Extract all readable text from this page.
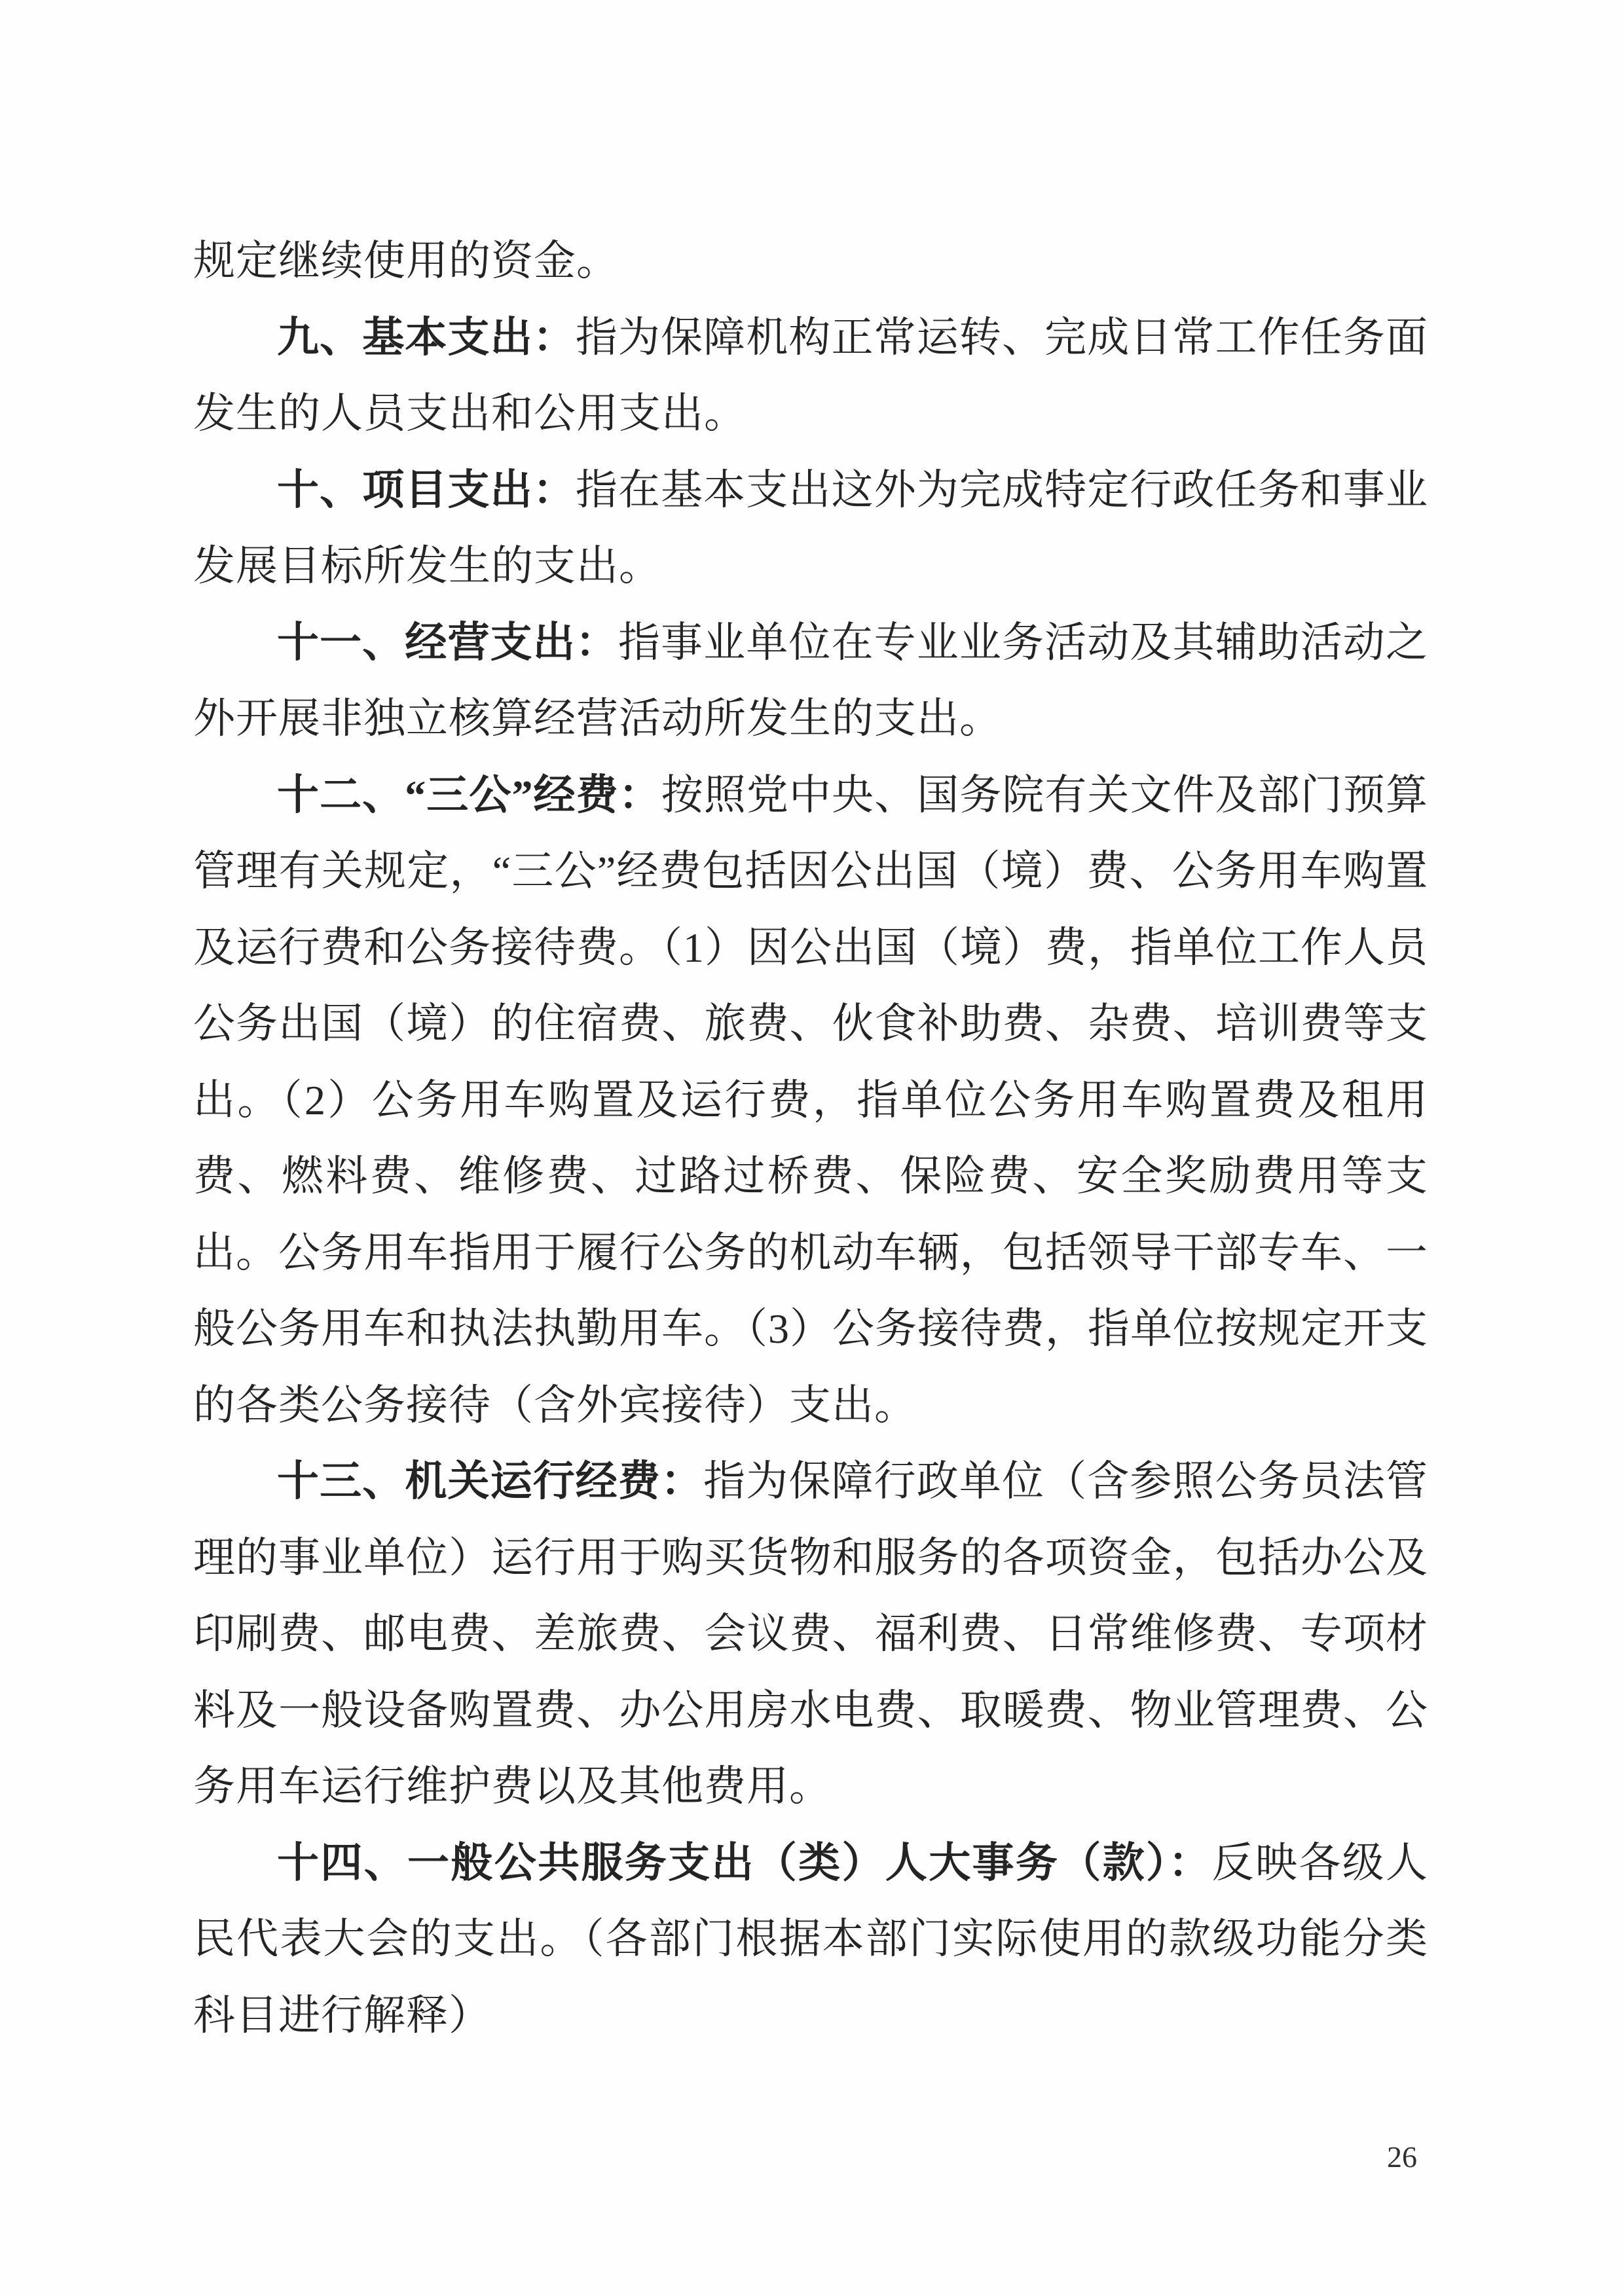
规定继续使用的资金。

九、基本支出：指为保障机构正常运转、完成日常工作任务面发生的人员支出和公用支出。

十、项目支出：指在基本支出这外为完成特定行政任务和事业发展目标所发生的支出。

十一、经营支出：指事业单位在专业业务活动及其辅助活动之外开展非独立核算经营活动所发生的支出。

十二、“三公”经费：按照党中央、国务院有关文件及部门预算管理有关规定，“三公”经费包括因公出国（境）费、公务用车购置及运行费和公务接待费。（1）因公出国（境）费，指单位工作人员公务出国（境）的住宿费、旅费、伙食补助费、杂费、培训费等支出。（2）公务用车购置及运行费，指单位公务用车购置费及租用费、燃料费、维修费、过路过桥费、保险费、安全奖励费用等支出。公务用车指用于履行公务的机动车辆，包括领导干部专车、一般公务用车和执法执勤用车。（3）公务接待费，指单位按规定开支的各类公务接待（含外宾接待）支出。

十三、机关运行经费：指为保障行政单位（含参照公务员法管理的事业单位）运行用于购买货物和服务的各项资金，包括办公及印刷费、邮电费、差旅费、会议费、福利费、日常维修费、专项材料及一般设备购置费、办公用房水电费、取暖费、物业管理费、公务用车运行维护费以及其他费用。

十四、一般公共服务支出（类）人大事务（款）：反映各级人民代表大会的支出。（各部门根据本部门实际使用的款级功能分类科目进行解释）

26
